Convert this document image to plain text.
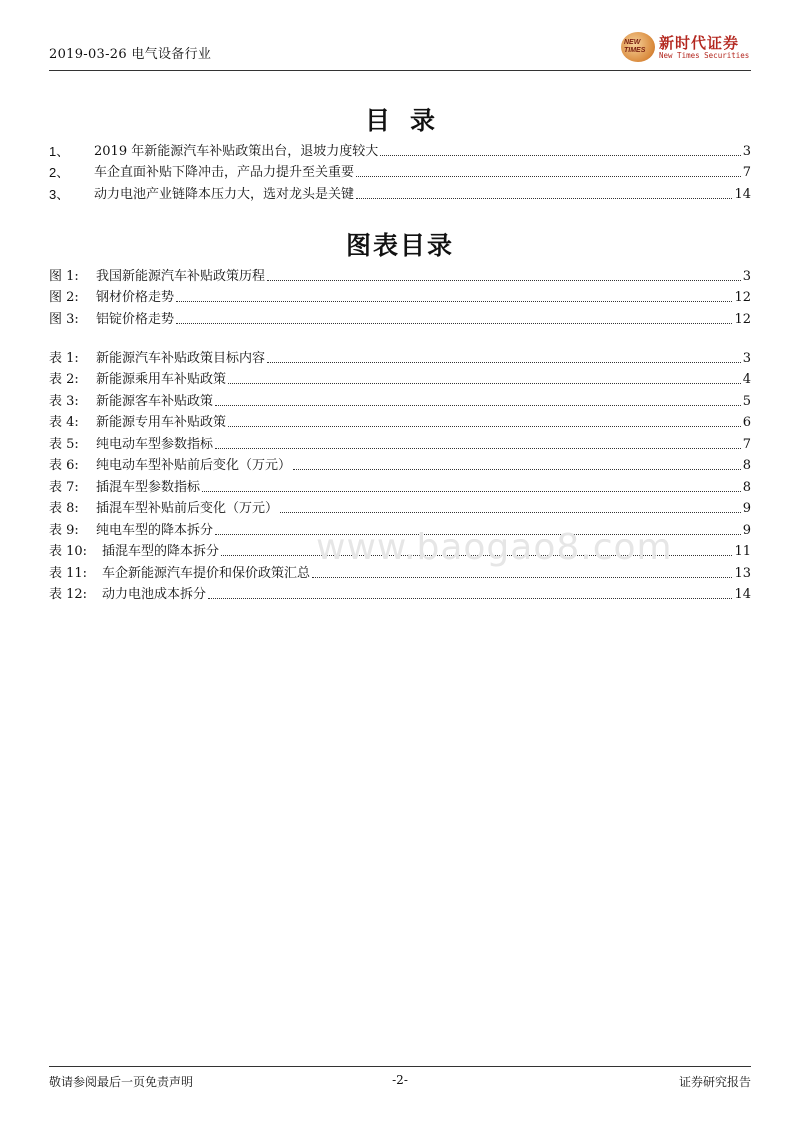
2019-03-26 电气设备行业
NEW
TIMES 新时代证券
New Times Securities
目录
1、	2019 年新能源汽车补贴政策出台，退坡力度较大	3
2、	车企直面补贴下降冲击，产品力提升至关重要	7
3、	动力电池产业链降本压力大，选对龙头是关键	14
图表目录
图 1:	我国新能源汽车补贴政策历程	3
图 2:	钢材价格走势	12
图 3:	铝锭价格走势	12
表 1:	新能源汽车补贴政策目标内容	3
表 2:	新能源乘用车补贴政策	4
表 3:	新能源客车补贴政策	5
表 4:	新能源专用车补贴政策	6
表 5:	纯电动车型参数指标	7
表 6:	纯电动车型补贴前后变化（万元）	8
表 7:	插混车型参数指标	8
表 8:	插混车型补贴前后变化（万元）	9
表 9:	纯电车型的降本拆分	9
表 10:	插混车型的降本拆分	11
表 11:	车企新能源汽车提价和保价政策汇总	13
表 12:	动力电池成本拆分	14
www.baogao8.com
敬请参阅最后一页免责声明	-2-	证券研究报告
